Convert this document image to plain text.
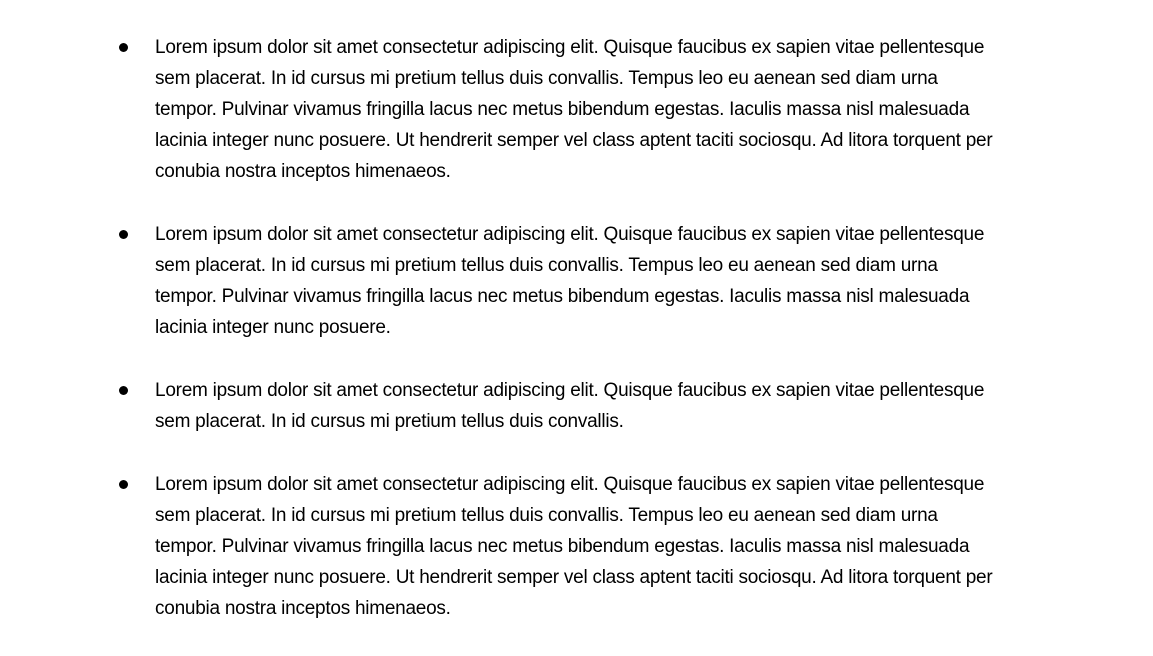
Lorem ipsum dolor sit amet consectetur adipiscing elit. Quisque faucibus ex sapien vitae pellentesque sem placerat. In id cursus mi pretium tellus duis convallis. Tempus leo eu aenean sed diam urna tempor. Pulvinar vivamus fringilla lacus nec metus bibendum egestas. Iaculis massa nisl malesuada lacinia integer nunc posuere. Ut hendrerit semper vel class aptent taciti sociosqu. Ad litora torquent per conubia nostra inceptos himenaeos.

Lorem ipsum dolor sit amet consectetur adipiscing elit. Quisque faucibus ex sapien vitae pellentesque sem placerat. In id cursus mi pretium tellus duis convallis. Tempus leo eu aenean sed diam urna tempor. Pulvinar vivamus fringilla lacus nec metus bibendum egestas. Iaculis massa nisl malesuada lacinia integer nunc posuere.

Lorem ipsum dolor sit amet consectetur adipiscing elit. Quisque faucibus ex sapien vitae pellentesque sem placerat. In id cursus mi pretium tellus duis convallis.

Lorem ipsum dolor sit amet consectetur adipiscing elit. Quisque faucibus ex sapien vitae pellentesque sem placerat. In id cursus mi pretium tellus duis convallis. Tempus leo eu aenean sed diam urna tempor. Pulvinar vivamus fringilla lacus nec metus bibendum egestas. Iaculis massa nisl malesuada lacinia integer nunc posuere. Ut hendrerit semper vel class aptent taciti sociosqu. Ad litora torquent per conubia nostra inceptos himenaeos.
